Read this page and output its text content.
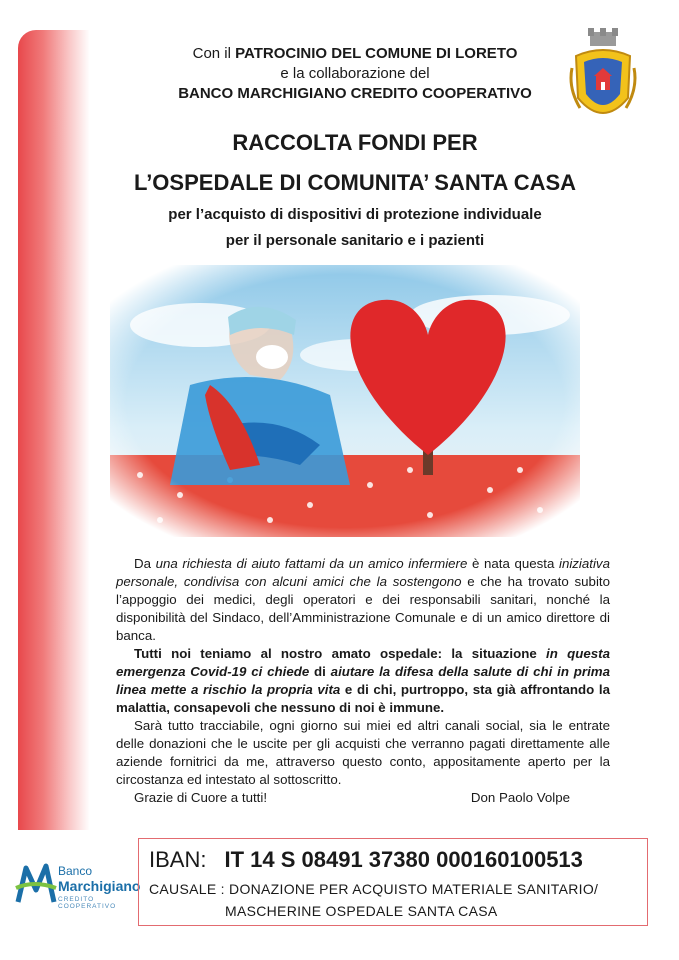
Con il PATROCINIO DEL COMUNE DI LORETO
e la collaborazione del
BANCO MARCHIGIANO CREDITO COOPERATIVO
RACCOLTA FONDI PER
L’OSPEDALE DI COMUNITA’ SANTA CASA
per l’acquisto di dispositivi di protezione individuale
per il personale sanitario e i pazienti

Da una richiesta di aiuto fattami da un amico infermiere è nata questa iniziativa personale, condivisa con alcuni amici che la sostengono e che ha trovato subito l’appoggio dei medici, degli operatori e dei responsabili sanitari, nonché la disponibilità del Sindaco, dell’Amministrazione Comunale e di un amico direttore di banca.

Tutti noi teniamo al nostro amato ospedale: la situazione in questa emergenza Covid-19 ci chiede di aiutare la difesa della salute di chi in prima linea mette a rischio la propria vita e di chi, purtroppo, sta già affrontando la malattia, consapevoli che nessuno di noi è immune.

Sarà tutto tracciabile, ogni giorno sui miei ed altri canali social, sia le entrate delle donazioni che le uscite per gli acquisti che verranno pagati direttamente alle aziende fornitrici da me, attraverso questo conto, appositamente aperto per la circostanza ed intestato al sottoscritto.

Grazie di Cuore a tutti!	Don Paolo Volpe

Banco
Marchigiano
CREDITO COOPERATIVO
IBAN: IT 14 S 08491 37380 000160100513
CAUSALE : DONAZIONE PER ACQUISTO MATERIALE SANITARIO/
MASCHERINE OSPEDALE SANTA CASA
